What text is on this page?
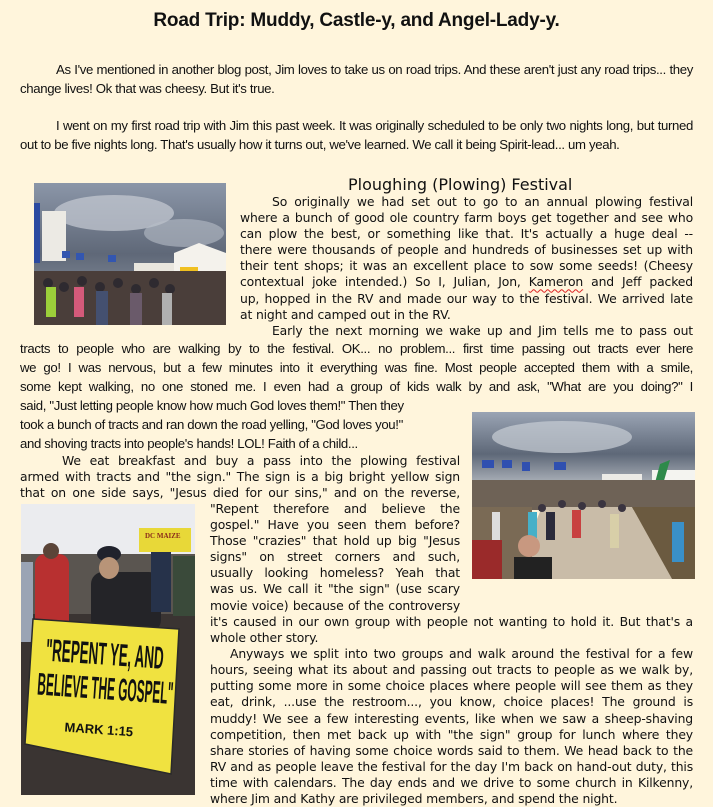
Road Trip: Muddy, Castle-y, and Angel-Lady-y.
As I've mentioned in another blog post, Jim loves to take us on road trips. And these aren't just any road trips... they change lives! Ok that was cheesy. But it's true.
I went on my first road trip with Jim this past week. It was originally scheduled to be only two nights long, but turned out to be five nights long. That's usually how it turns out, we've learned. We call it being Spirit-lead... um yeah.
Ploughing (Plowing) Festival
So originally we had set out to go to an annual plowing festival
where a bunch of good ole country farm boys get together and see who
can plow the best, or something like that. It's actually a huge deal --
there were thousands of people and hundreds of businesses set up with
their tent shops; it was an excellent place to sow some seeds! (Cheesy
contextual joke intended.) So I, Julian, Jon, Kameron and Jeff packed
up, hopped in the RV and made our way to the festival. We arrived late
at night and camped out in the RV.
Early the next morning we wake up and Jim tells me to pass out
tracts to people who are walking by to the festival. OK... no problem... first time passing out tracts ever here
we go! I was nervous, but a few minutes into it everything was fine. Most people accepted them with a smile,
some kept walking, no one stoned me. I even had a group of kids walk by and ask, "What are you doing?" I
said, "Just letting people know how much God loves them!" Then they
took a bunch of tracts and ran down the road yelling, "God loves you!"
and shoving tracts into people's hands! LOL! Faith of a child...
We eat breakfast and buy a pass into the plowing festival
armed with tracts and "the sign." The sign is a big bright yellow sign
that on one side says, "Jesus died for our sins," and on the reverse,
DC MAIZE
"REPENT YE, AND
BELIEVE THE GOSPEL"
MARK 1:15
"Repent therefore and believe the
gospel." Have you seen them before?
Those "crazies" that hold up big "Jesus
signs" on street corners and such,
usually looking homeless? Yeah that
was us. We call it "the sign" (use scary
movie voice) because of the controversy
it's caused in our own group with people not wanting to hold it. But that's a
whole other story.
Anyways we split into two groups and walk around the festival for a few
hours, seeing what its about and passing out tracts to people as we walk by,
putting some more in some choice places where people will see them as they
eat, drink, ...use the restroom..., you know, choice places! The ground is
muddy! We see a few interesting events, like when we saw a sheep-shaving
competition, then met back up with "the sign" group for lunch where they
share stories of having some choice words said to them. We head back to the
RV and as people leave the festival for the day I'm back on hand-out duty, this
time with calendars. The day ends and we drive to some church in Kilkenny,
where Jim and Kathy are privileged members, and spend the night.
